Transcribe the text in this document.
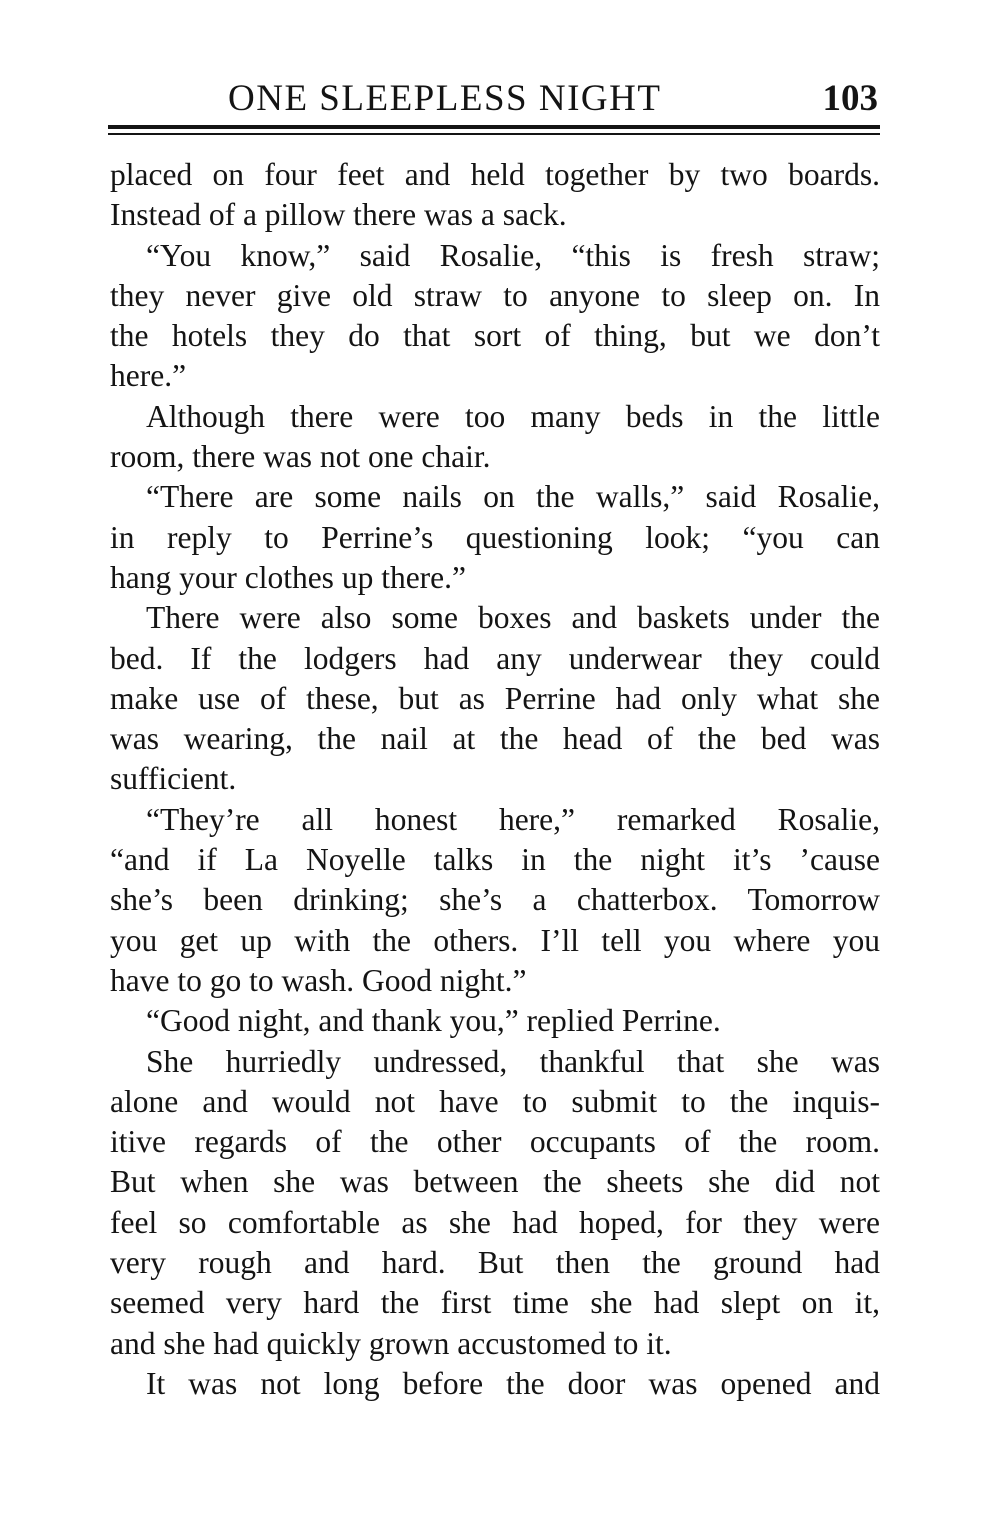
ONE SLEEPLESS NIGHT	103
placed on four feet and held together by two boards.
Instead of a pillow there was a sack.
“You know,” said Rosalie, “this is fresh straw;
they never give old straw to anyone to sleep on. In
the hotels they do that sort of thing, but we don’t
here.”
Although there were too many beds in the little
room, there was not one chair.
“There are some nails on the walls,” said Rosalie,
in reply to Perrine’s questioning look; “you can
hang your clothes up there.”
There were also some boxes and baskets under the
bed. If the lodgers had any underwear they could
make use of these, but as Perrine had only what she
was wearing, the nail at the head of the bed was
sufficient.
“They’re all honest here,” remarked Rosalie,
“and if La Noyelle talks in the night it’s ’cause
she’s been drinking; she’s a chatterbox. Tomorrow
you get up with the others. I’ll tell you where you
have to go to wash. Good night.”
“Good night, and thank you,” replied Perrine.
She hurriedly undressed, thankful that she was
alone and would not have to submit to the inquis-
itive regards of the other occupants of the room.
But when she was between the sheets she did not
feel so comfortable as she had hoped, for they were
very rough and hard. But then the ground had
seemed very hard the first time she had slept on it,
and she had quickly grown accustomed to it.
It was not long before the door was opened and
